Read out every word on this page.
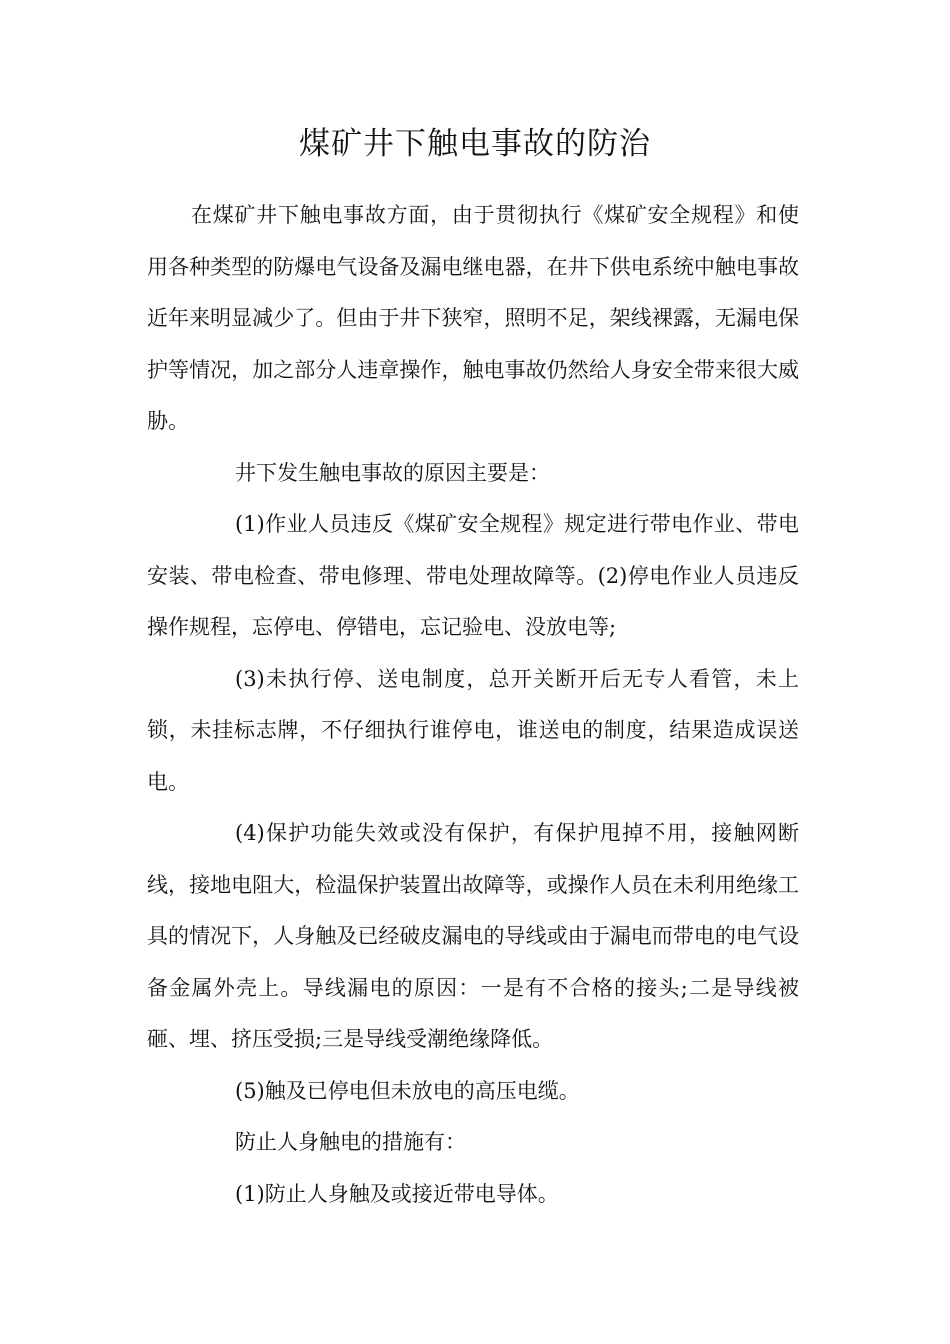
煤矿井下触电事故的防治

在煤矿井下触电事故方面，由于贯彻执行《煤矿安全规程》和使用各种类型的防爆电气设备及漏电继电器，在井下供电系统中触电事故近年来明显减少了。但由于井下狭窄，照明不足，架线裸露，无漏电保护等情况，加之部分人违章操作，触电事故仍然给人身安全带来很大威胁。

井下发生触电事故的原因主要是：

(1)作业人员违反《煤矿安全规程》规定进行带电作业、带电安装、带电检查、带电修理、带电处理故障等。(2)停电作业人员违反操作规程，忘停电、停错电，忘记验电、没放电等;

(3)未执行停、送电制度，总开关断开后无专人看管，未上锁，未挂标志牌，不仔细执行谁停电，谁送电的制度，结果造成误送电。

(4)保护功能失效或没有保护，有保护甩掉不用，接触网断线，接地电阻大，检温保护装置出故障等，或操作人员在未利用绝缘工具的情况下，人身触及已经破皮漏电的导线或由于漏电而带电的电气设备金属外壳上。导线漏电的原因：一是有不合格的接头;二是导线被砸、埋、挤压受损;三是导线受潮绝缘降低。

(5)触及已停电但未放电的高压电缆。

防止人身触电的措施有：

(1)防止人身触及或接近带电导体。
